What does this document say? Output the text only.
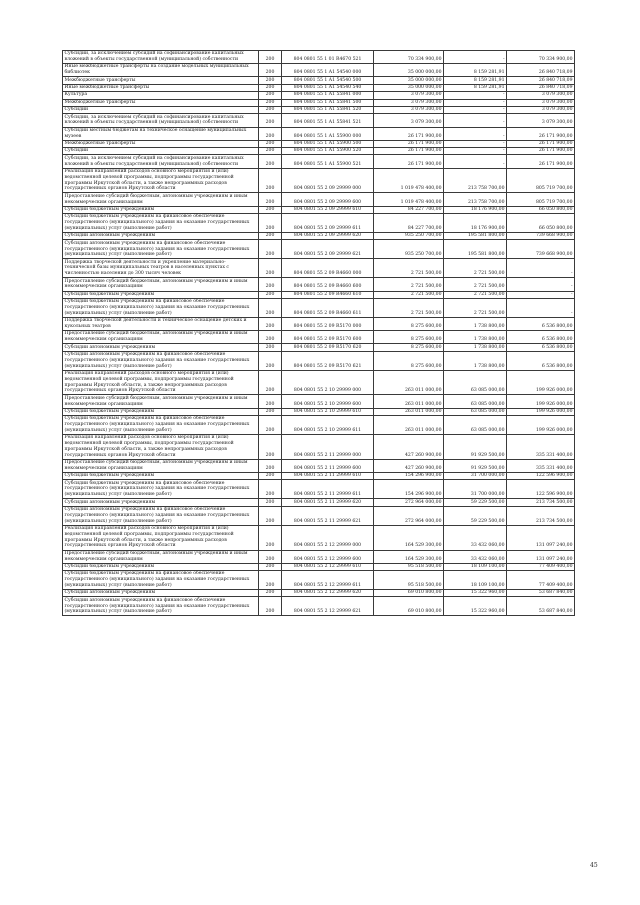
Субсидии, за исключением субсидий на софинансирование капитальных вложений в объекты государственной (муниципальной) собственности	200	804 0801 55 1 01 R4670 521	70 334 900,00	-	70 334 900,00
Иные межбюджетные трансферты на создание модельных муниципальных библиотек	200	804 0801 55 1 A1 54540 000	35 000 000,00	8 159 281,91	26 840 718,09
Межбюджетные трансферты	200	804 0801 55 1 A1 54540 500	35 000 000,00	8 159 281,91	26 840 718,09
Иные межбюджетные трансферты	200	804 0801 55 1 A1 54540 540	35 000 000,00	8 159 281,91	26 840 718,09
Культура	200	804 0801 55 1 A1 55841 000	3 079 300,00	-	3 079 300,00
Межбюджетные трансферты	200	804 0801 55 1 A1 55841 500	3 079 300,00	-	3 079 300,00
Субсидии	200	804 0801 55 1 A1 55841 520	3 079 300,00	-	3 079 300,00
Субсидии, за исключением субсидий на софинансирование капитальных вложений в объекты государственной (муниципальной) собственности	200	804 0801 55 1 A1 55841 521	3 079 300,00	-	3 079 300,00
Субсидии местным бюджетам на техническое оснащение муниципальных музеев	200	804 0801 55 1 A1 55900 000	26 171 900,00	-	26 171 900,00
Межбюджетные трансферты	200	804 0801 55 1 A1 55900 500	26 171 900,00	-	26 171 900,00
Субсидии	200	804 0801 55 1 A1 55900 520	26 171 900,00	-	26 171 900,00
Субсидии, за исключением субсидий на софинансирование капитальных вложений в объекты государственной (муниципальной) собственности	200	804 0801 55 1 A1 55900 521	26 171 900,00	-	26 171 900,00
Реализация направлений расходов основного мероприятия и (или) ведомственной целевой программы, подпрограммы государственной программы Иркутской области, а также непрограммных расходов государственных органов Иркутской области	200	804 0801 55 2 09 29999 000	1 019 478 400,00	213 758 700,00	805 719 700,00
Предоставление субсидий бюджетным, автономным учреждениям и иным некоммерческим организациям	200	804 0801 55 2 09 29999 600	1 019 478 400,00	213 758 700,00	805 719 700,00
Субсидии бюджетным учреждениям	200	804 0801 55 2 09 29999 610	84 227 700,00	18 176 900,00	66 050 800,00
Субсидии бюджетным учреждениям на финансовое обеспечение государственного (муниципального) задания на оказание государственных (муниципальных) услуг (выполнение работ)	200	804 0801 55 2 09 29999 611	84 227 700,00	18 176 900,00	66 050 800,00
Субсидии автономным учреждениям	200	804 0801 55 2 09 29999 620	935 250 700,00	195 581 800,00	739 668 900,00
Субсидии автономным учреждениям на финансовое обеспечение государственного (муниципального) задания на оказание государственных (муниципальных) услуг (выполнение работ)	200	804 0801 55 2 09 29999 621	935 250 700,00	195 581 800,00	739 668 900,00
Поддержка творческой деятельности и укрепление материально-технической базы муниципальных театров в населенных пунктах с численностью населения до 300 тысяч человек	200	804 0801 55 2 09 R4660 000	2 721 500,00	2 721 500,00	-
Предоставление субсидий бюджетным, автономным учреждениям и иным некоммерческим организациям	200	804 0801 55 2 09 R4660 600	2 721 500,00	2 721 500,00	-
Субсидии бюджетным учреждениям	200	804 0801 55 2 09 R4660 610	2 721 500,00	2 721 500,00	-
Субсидии бюджетным учреждениям на финансовое обеспечение государственного (муниципального) задания на оказание государственных (муниципальных) услуг (выполнение работ)	200	804 0801 55 2 09 R4660 611	2 721 500,00	2 721 500,00	-
Поддержка творческой деятельности и техническое оснащение детских и кукольных театров	200	804 0801 55 2 09 R5170 000	8 275 600,00	1 738 800,00	6 536 800,00
Предоставление субсидий бюджетным, автономным учреждениям и иным некоммерческим организациям	200	804 0801 55 2 09 R5170 600	8 275 600,00	1 738 800,00	6 536 800,00
Субсидии автономным учреждениям	200	804 0801 55 2 09 R5170 620	8 275 600,00	1 738 800,00	6 536 800,00
Субсидии автономным учреждениям на финансовое обеспечение государственного (муниципального) задания на оказание государственных (муниципальных) услуг (выполнение работ)	200	804 0801 55 2 09 R5170 621	8 275 600,00	1 738 800,00	6 536 800,00
Реализация направлений расходов основного мероприятия и (или) ведомственной целевой программы, подпрограммы государственной программы Иркутской области, а также непрограммных расходов государственных органов Иркутской области	200	804 0801 55 2 10 29999 000	263 011 000,00	63 085 000,00	199 926 000,00
Предоставление субсидий бюджетным, автономным учреждениям и иным некоммерческим организациям	200	804 0801 55 2 10 29999 600	263 011 000,00	63 085 000,00	199 926 000,00
Субсидии бюджетным учреждениям	200	804 0801 55 2 10 29999 610	263 011 000,00	63 085 000,00	199 926 000,00
Субсидии бюджетным учреждениям на финансовое обеспечение государственного (муниципального) задания на оказание государственных (муниципальных) услуг (выполнение работ)	200	804 0801 55 2 10 29999 611	263 011 000,00	63 085 000,00	199 926 000,00
Реализация направлений расходов основного мероприятия и (или) ведомственной целевой программы, подпрограммы государственной программы Иркутской области, а также непрограммных расходов государственных органов Иркутской области	200	804 0801 55 2 11 29999 000	427 260 900,00	91 929 500,00	335 331 400,00
Предоставление субсидий бюджетным, автономным учреждениям и иным некоммерческим организациям	200	804 0801 55 2 11 29999 600	427 260 900,00	91 929 500,00	335 331 400,00
Субсидии бюджетным учреждениям	200	804 0801 55 2 11 29999 610	154 296 900,00	31 700 000,00	122 596 900,00
Субсидии бюджетным учреждениям на финансовое обеспечение государственного (муниципального) задания на оказание государственных (муниципальных) услуг (выполнение работ)	200	804 0801 55 2 11 29999 611	154 296 900,00	31 700 000,00	122 596 900,00
Субсидии автономным учреждениям	200	804 0801 55 2 11 29999 620	272 964 000,00	59 229 500,00	213 734 500,00
Субсидии автономным учреждениям на финансовое обеспечение государственного (муниципального) задания на оказание государственных (муниципальных) услуг (выполнение работ)	200	804 0801 55 2 11 29999 621	272 964 000,00	59 229 500,00	213 734 500,00
Реализация направлений расходов основного мероприятия и (или) ведомственной целевой программы, подпрограммы государственной программы Иркутской области, а также непрограммных расходов государственных органов Иркутской области	200	804 0801 55 2 12 29999 000	164 529 300,00	33 432 060,00	131 097 240,00
Предоставление субсидий бюджетным, автономным учреждениям и иным некоммерческим организациям	200	804 0801 55 2 12 29999 600	164 529 300,00	33 432 060,00	131 097 240,00
Субсидии бюджетным учреждениям	200	804 0801 55 2 12 29999 610	95 518 500,00	18 109 100,00	77 409 400,00
Субсидии бюджетным учреждениям на финансовое обеспечение государственного (муниципального) задания на оказание государственных (муниципальных) услуг (выполнение работ)	200	804 0801 55 2 12 29999 611	95 518 500,00	18 109 100,00	77 409 400,00
Субсидии автономным учреждениям	200	804 0801 55 2 12 29999 620	69 010 800,00	15 322 960,00	53 687 840,00
Субсидии автономным учреждениям на финансовое обеспечение государственного (муниципального) задания на оказание государственных (муниципальных) услуг (выполнение работ)	200	804 0801 55 2 12 29999 621	69 010 800,00	15 322 960,00	53 687 840,00
45
